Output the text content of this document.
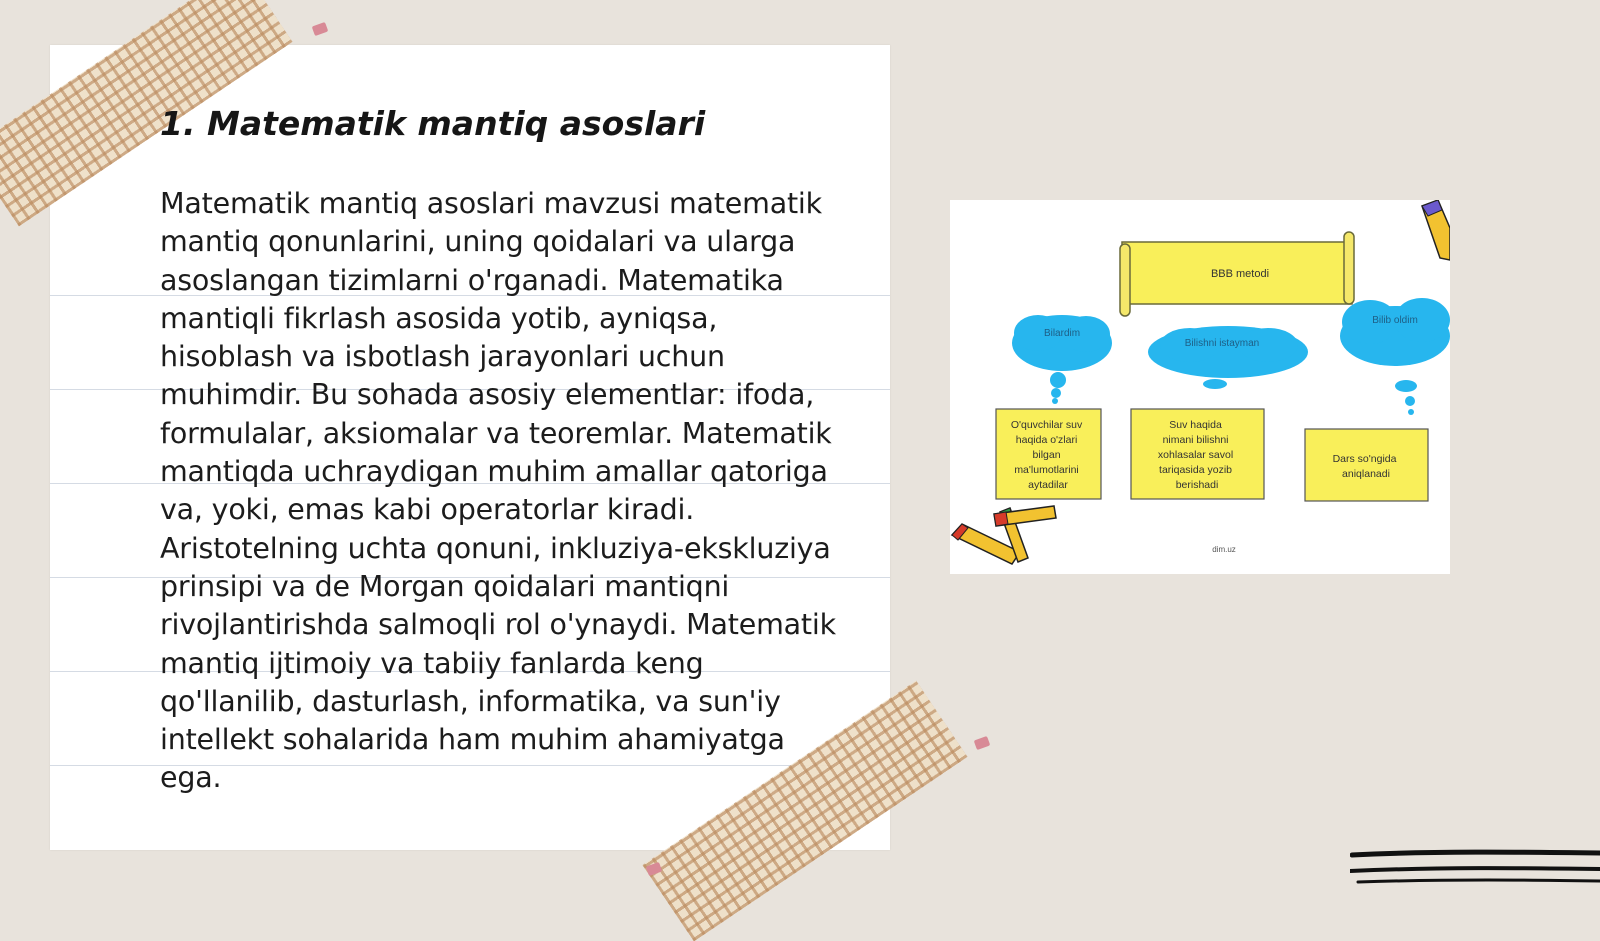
1. Matematik mantiq asoslari

Matematik mantiq asoslari mavzusi matematik mantiq qonunlarini, uning qoidalari va ularga asoslangan tizimlarni o'rganadi. Matematika mantiqli fikrlash asosida yotib, ayniqsa, hisoblash va isbotlash jarayonlari uchun muhimdir. Bu sohada asosiy elementlar: ifoda, formulalar, aksiomalar va teoremlar. Matematik mantiqda uchraydigan muhim amallar qatoriga va, yoki, emas kabi operatorlar kiradi. Aristotelning uchta qonuni, inkluziya-ekskluziya prinsipi va de Morgan qoidalari mantiqni rivojlantirishda salmoqli rol o'ynaydi. Matematik mantiq ijtimoiy va tabiiy fanlarda keng qo'llanilib, dasturlash, informatika, va sun'iy intellekt sohalarida ham muhim ahamiyatga ega.

BBB metodi
Bilardim
Bilishni istayman
Bilib oldim
O'quvchilar suv haqida o'zlari bilgan ma'lumotlarini aytadilar
Suv haqida nimani bilishni xohlasalar savol tariqasida yozib berishadi
Dars so'ngida aniqlanadi
dim.uz
